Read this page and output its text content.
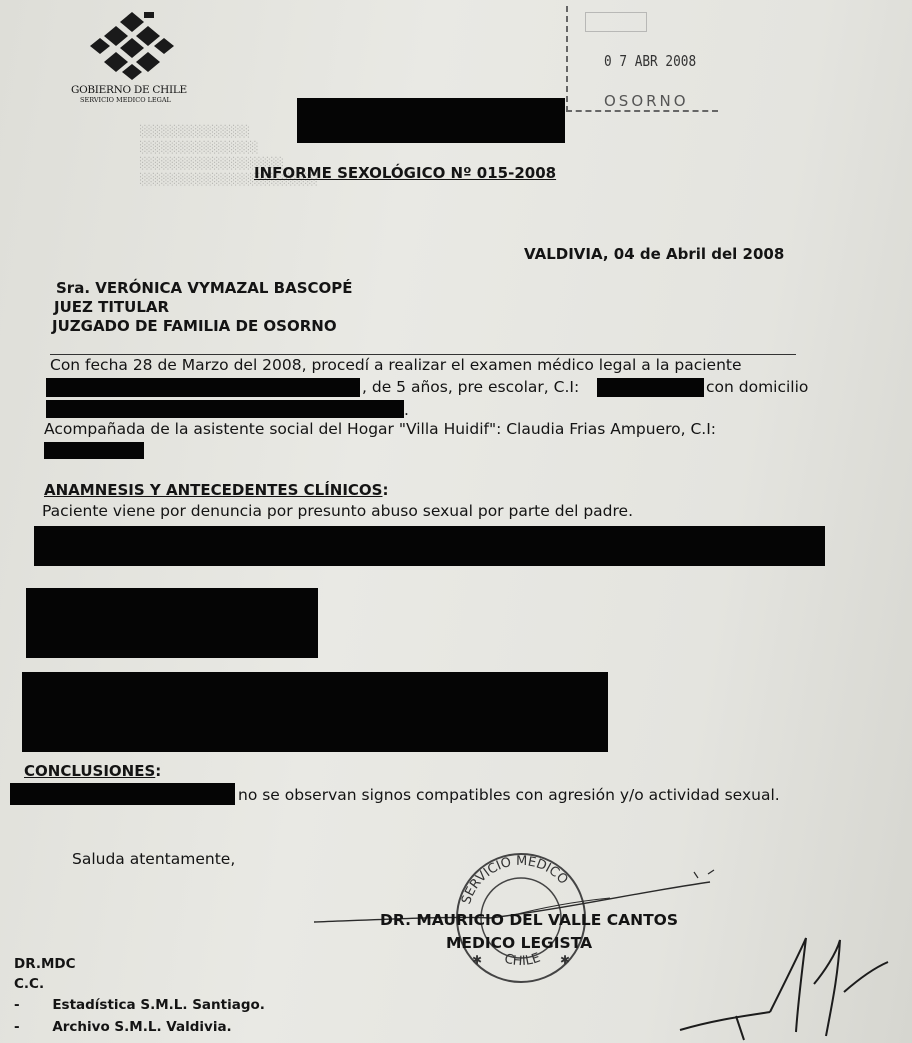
GOBIERNO DE CHILE
SERVICIO MEDICO LEGAL
0 7 ABR 2008
OSORNO
░░░░░░░░░░░░░
░░░░░░░░░░░░░░
░░░░░░░░░░░░░░░░░
░░░░░░░░░░░░░░░░░░░░░
INFORME SEXOLÓGICO Nº 015-2008
VALDIVIA, 04 de Abril del 2008
Sra. VERÓNICA VYMAZAL BASCOPÉ
JUEZ TITULAR
JUZGADO DE FAMILIA DE OSORNO
Con fecha 28 de Marzo del 2008, procedí a realizar el examen médico legal a la paciente
, de 5 años, pre escolar, C.I:	con domicilio
.
Acompañada de la asistente social del Hogar "Villa Huidif": Claudia Frias Ampuero, C.I:
ANAMNESIS Y ANTECEDENTES CLÍNICOS:
Paciente viene por denuncia por presunto abuso sexual por parte del padre.
CONCLUSIONES:
no se observan signos compatibles con agresión y/o actividad sexual.
Saluda atentamente,
SERVICIO MEDICO
CHILE
✱	✱
DR. MAURICIO DEL VALLE CANTOS
MEDICO LEGISTA
DR.MDC
C.C.
- Estadística S.M.L. Santiago.
- Archivo S.M.L. Valdivia.
